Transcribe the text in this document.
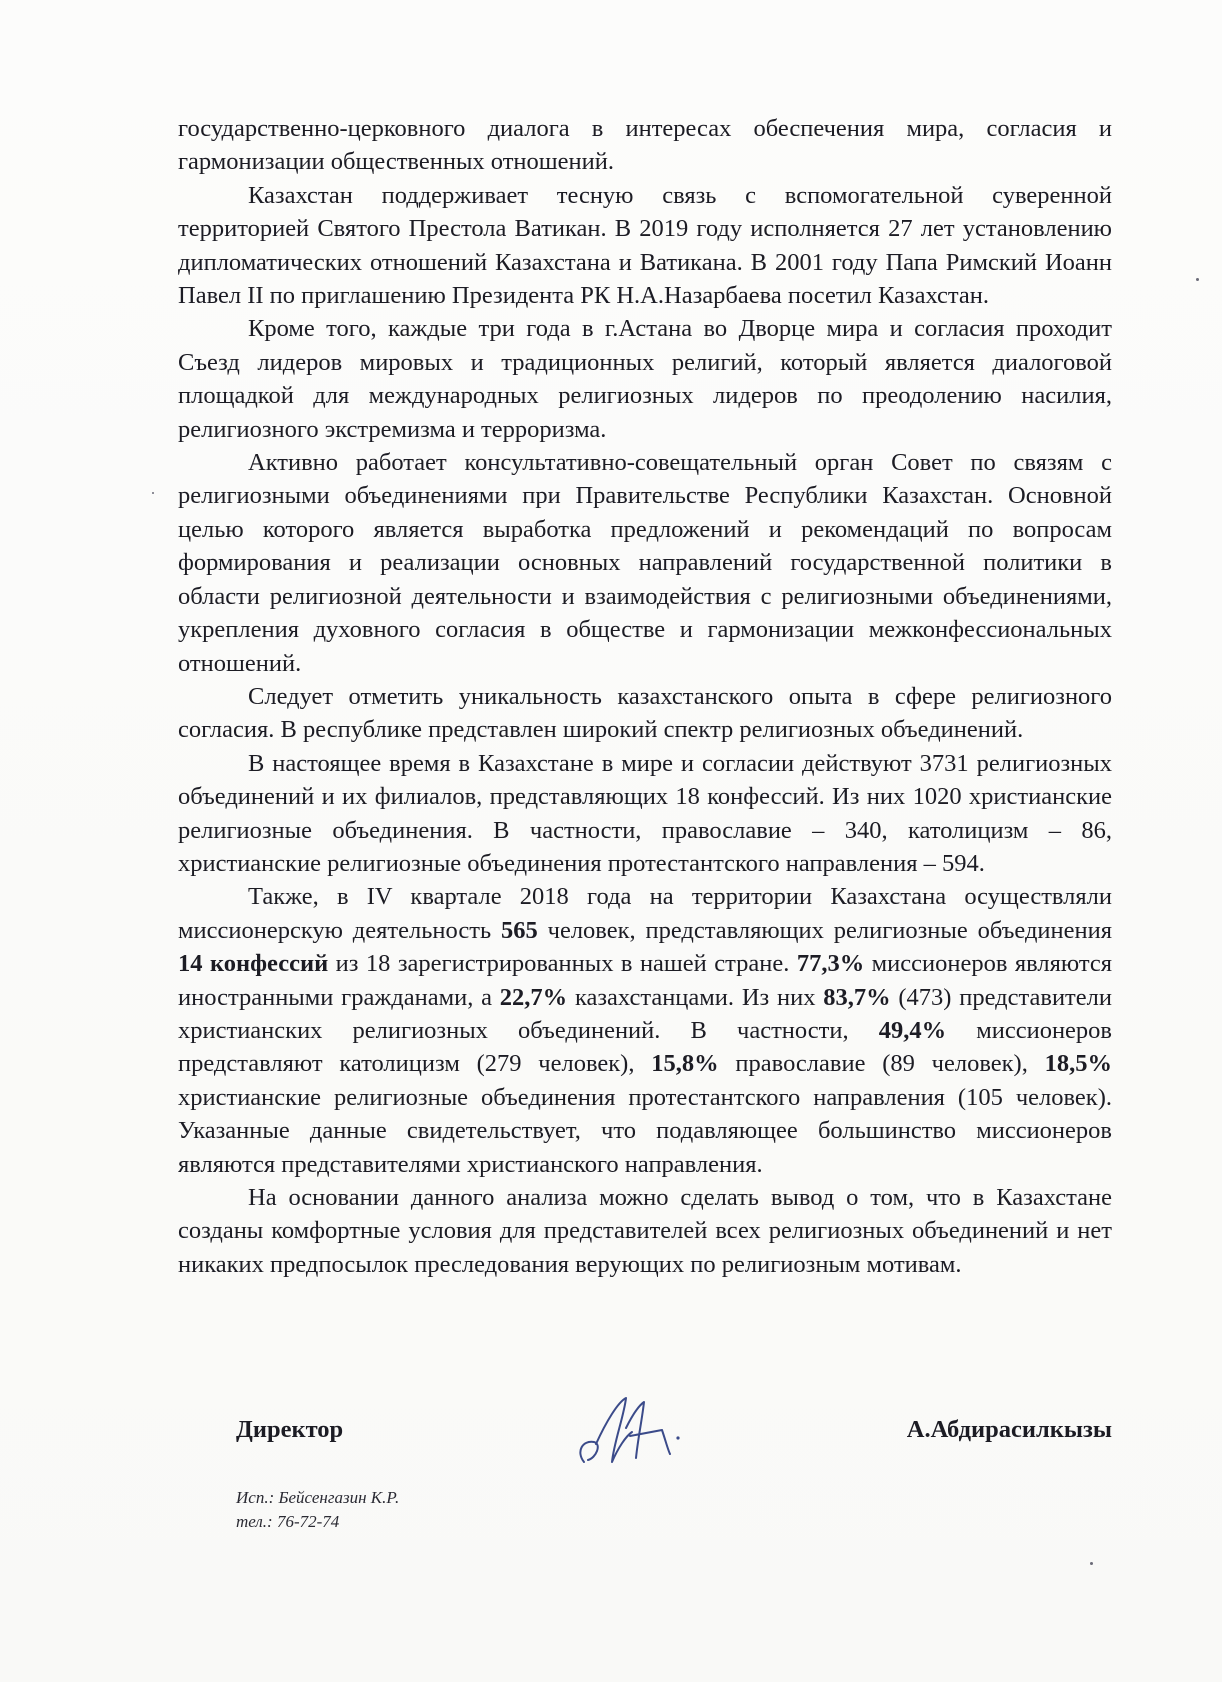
государственно-церковного диалога в интересах обеспечения мира, согласия и гармонизации общественных отношений.

Казахстан поддерживает тесную связь с вспомогательной суверенной территорией Святого Престола Ватикан. В 2019 году исполняется 27 лет установлению дипломатических отношений Казахстана и Ватикана. В 2001 году Папа Римский Иоанн Павел II по приглашению Президента РК Н.А.Назарбаева посетил Казахстан.

Кроме того, каждые три года в г.Астана во Дворце мира и согласия проходит Съезд лидеров мировых и традиционных религий, который является диалоговой площадкой для международных религиозных лидеров по преодолению насилия, религиозного экстремизма и терроризма.

Активно работает консультативно-совещательный орган Совет по связям с религиозными объединениями при Правительстве Республики Казахстан. Основной целью которого является выработка предложений и рекомендаций по вопросам формирования и реализации основных направлений государственной политики в области религиозной деятельности и взаимодействия с религиозными объединениями, укрепления духовного согласия в обществе и гармонизации межконфессиональных отношений.

Следует отметить уникальность казахстанского опыта в сфере религиозного согласия. В республике представлен широкий спектр религиозных объединений.

В настоящее время в Казахстане в мире и согласии действуют 3731 религиозных объединений и их филиалов, представляющих 18 конфессий. Из них 1020 христианские религиозные объединения. В частности, православие – 340, католицизм – 86, христианские религиозные объединения протестантского направления – 594.

Также, в IV квартале 2018 года на территории Казахстана осуществляли миссионерскую деятельность 565 человек, представляющих религиозные объединения 14 конфессий из 18 зарегистрированных в нашей стране. 77,3% миссионеров являются иностранными гражданами, а 22,7% казахстанцами. Из них 83,7% (473) представители христианских религиозных объединений. В частности, 49,4% миссионеров представляют католицизм (279 человек), 15,8% православие (89 человек), 18,5% христианские религиозные объединения протестантского направления (105 человек). Указанные данные свидетельствует, что подавляющее большинство миссионеров являются представителями христианского направления.

На основании данного анализа можно сделать вывод о том, что в Казахстане созданы комфортные условия для представителей всех религиозных объединений и нет никаких предпосылок преследования верующих по религиозным мотивам.

Директор	А.Абдирасилкызы
Исп.: Бейсенгазин К.Р.
тел.: 76-72-74
